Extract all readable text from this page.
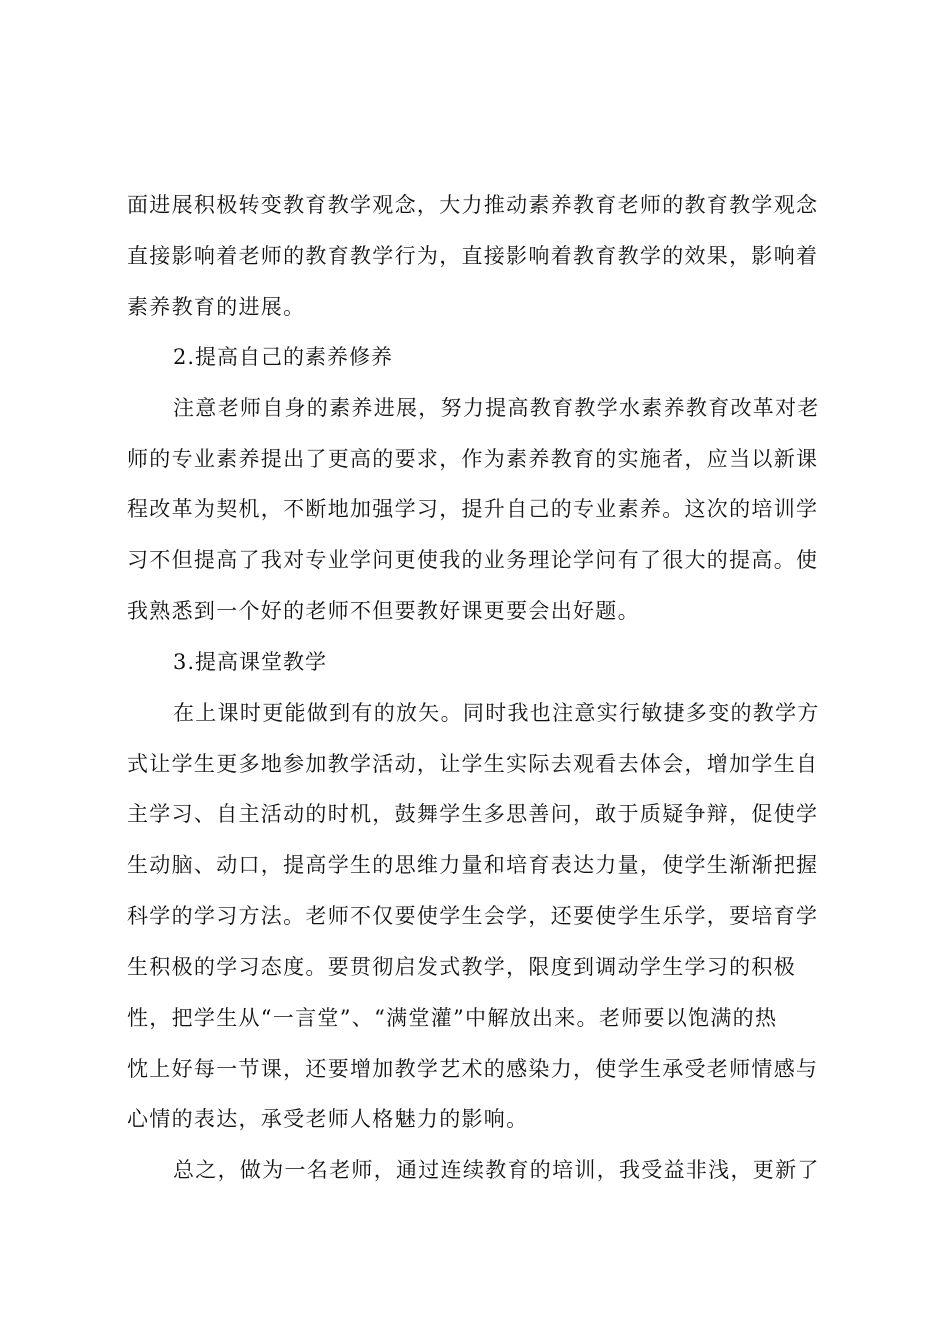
面进展积极转变教育教学观念，大力推动素养教育老师的教育教学观念
直接影响着老师的教育教学行为，直接影响着教育教学的效果，影响着
素养教育的进展。
2.提高自己的素养修养
注意老师自身的素养进展，努力提高教育教学水素养教育改革对老
师的专业素养提出了更高的要求，作为素养教育的实施者，应当以新课
程改革为契机，不断地加强学习，提升自己的专业素养。这次的培训学
习不但提高了我对专业学问更使我的业务理论学问有了很大的提高。使
我熟悉到一个好的老师不但要教好课更要会出好题。
3.提高课堂教学
在上课时更能做到有的放矢。同时我也注意实行敏捷多变的教学方
式让学生更多地参加教学活动，让学生实际去观看去体会，增加学生自
主学习、自主活动的时机，鼓舞学生多思善问，敢于质疑争辩，促使学
生动脑、动口，提高学生的思维力量和培育表达力量，使学生渐渐把握
科学的学习方法。老师不仅要使学生会学，还要使学生乐学，要培育学
生积极的学习态度。要贯彻启发式教学，限度到调动学生学习的积极
性，把学生从“一言堂”、“满堂灌”中解放出来。老师要以饱满的热
忱上好每一节课，还要增加教学艺术的感染力，使学生承受老师情感与
心情的表达，承受老师人格魅力的影响。
总之，做为一名老师，通过连续教育的培训，我受益非浅，更新了
